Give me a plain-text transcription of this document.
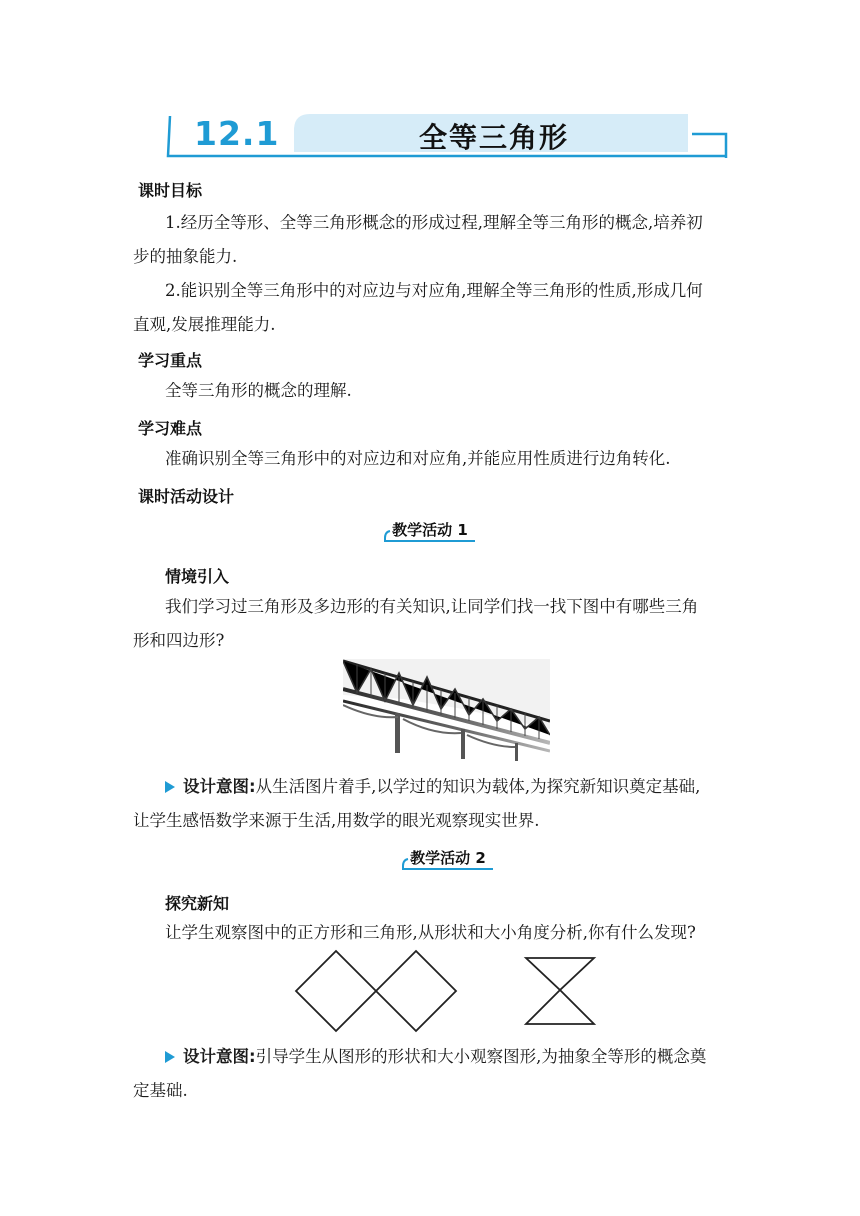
12.1	全等三角形
课时目标

1.经历全等形、全等三角形概念的形成过程,理解全等三角形的概念,培养初

步的抽象能力.

2.能识别全等三角形中的对应边与对应角,理解全等三角形的性质,形成几何

直观,发展推理能力.

学习重点
全等三角形的概念的理解.
学习难点
准确识别全等三角形中的对应边和对应角,并能应用性质进行边角转化.
课时活动设计
教学活动 1
情境引入

我们学习过三角形及多边形的有关知识,让同学们找一找下图中有哪些三角

形和四边形?

设计意图:从生活图片着手,以学过的知识为载体,为探究新知识奠定基础,

让学生感悟数学来源于生活,用数学的眼光观察现实世界.

教学活动 2
探究新知
让学生观察图中的正方形和三角形,从形状和大小角度分析,你有什么发现?

设计意图:引导学生从图形的形状和大小观察图形,为抽象全等形的概念奠

定基础.
